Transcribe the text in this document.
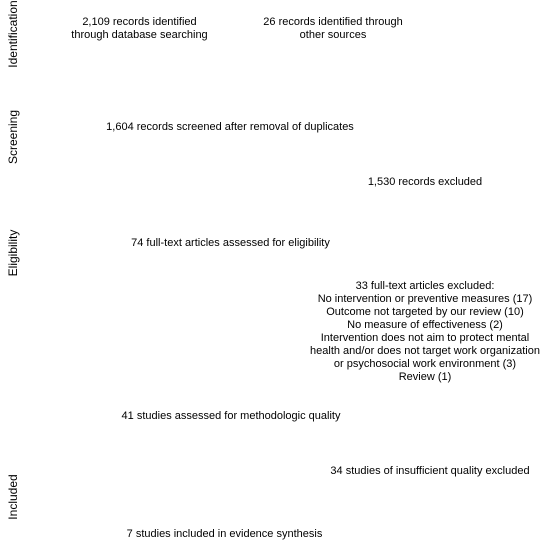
Identification
Screening
Eligibility
Included
2,109 records identified
through database searching
26 records identified through
other sources
1,604 records screened after removal of duplicates
1,530 records excluded
74 full-text articles assessed for eligibility
33 full-text articles excluded:
No intervention or preventive measures (17)
Outcome not targeted by our review (10)
No measure of effectiveness (2)
Intervention does not aim to protect mental
health and/or does not target work organization
or psychosocial work environment (3)
Review (1)
41 studies assessed for methodologic quality
34 studies of insufficient quality excluded
7 studies included in evidence synthesis
